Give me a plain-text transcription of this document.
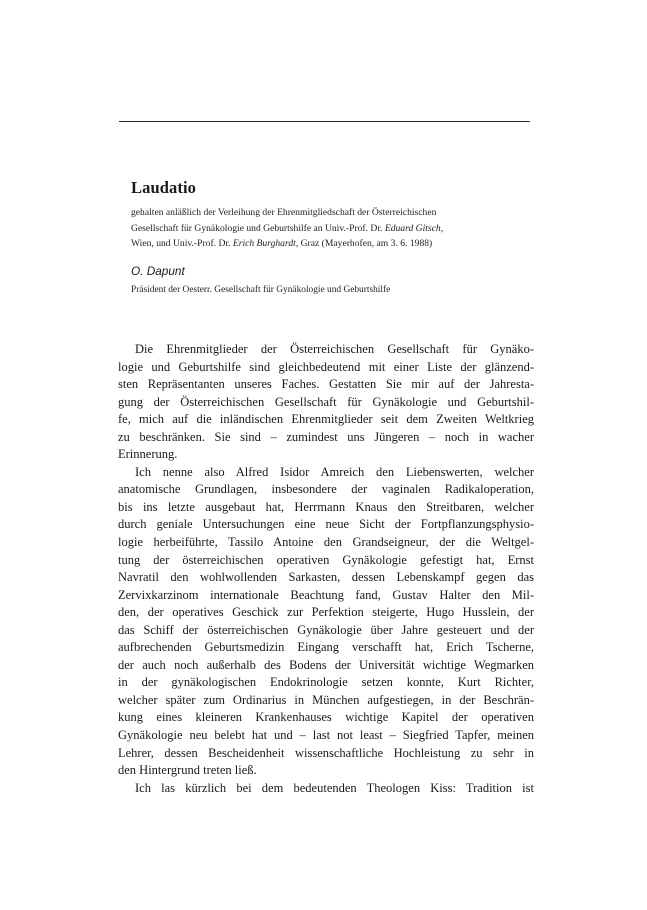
Laudatio
gehalten anläßlich der Verleihung der Ehrenmitgliedschaft der Österreichischen
Gesellschaft für Gynäkologie und Geburtshilfe an Univ.-Prof. Dr. Eduard Gitsch,
Wien, und Univ.-Prof. Dr. Erich Burghardt, Graz (Mayerhofen, am 3. 6. 1988)

O. Dapunt

Präsident der Oesterr. Gesellschaft für Gynäkologie und Geburtshilfe

Die Ehrenmitglieder der Österreichischen Gesellschaft für Gynäko-
logie und Geburtshilfe sind gleichbedeutend mit einer Liste der glänzend-
sten Repräsentanten unseres Faches. Gestatten Sie mir auf der Jahresta-
gung der Österreichischen Gesellschaft für Gynäkologie und Geburtshil-
fe, mich auf die inländischen Ehrenmitglieder seit dem Zweiten Weltkrieg
zu beschränken. Sie sind – zumindest uns Jüngeren – noch in wacher
Erinnerung.
Ich nenne also Alfred Isidor Amreich den Liebenswerten, welcher
anatomische Grundlagen, insbesondere der vaginalen Radikaloperation,
bis ins letzte ausgebaut hat, Herrmann Knaus den Streitbaren, welcher
durch geniale Untersuchungen eine neue Sicht der Fortpflanzungsphysio-
logie herbeiführte, Tassilo Antoine den Grandseigneur, der die Weltgel-
tung der österreichischen operativen Gynäkologie gefestigt hat, Ernst
Navratil den wohlwollenden Sarkasten, dessen Lebenskampf gegen das
Zervixkarzinom internationale Beachtung fand, Gustav Halter den Mil-
den, der operatives Geschick zur Perfektion steigerte, Hugo Husslein, der
das Schiff der österreichischen Gynäkologie über Jahre gesteuert und der
aufbrechenden Geburtsmedizin Eingang verschafft hat, Erich Tscherne,
der auch noch außerhalb des Bodens der Universität wichtige Wegmarken
in der gynäkologischen Endokrinologie setzen konnte, Kurt Richter,
welcher später zum Ordinarius in München aufgestiegen, in der Beschrän-
kung eines kleineren Krankenhauses wichtige Kapitel der operativen
Gynäkologie neu belebt hat und – last not least – Siegfried Tapfer, meinen
Lehrer, dessen Bescheidenheit wissenschaftliche Hochleistung zu sehr in
den Hintergrund treten ließ.
Ich las kürzlich bei dem bedeutenden Theologen Kiss: Tradition ist
